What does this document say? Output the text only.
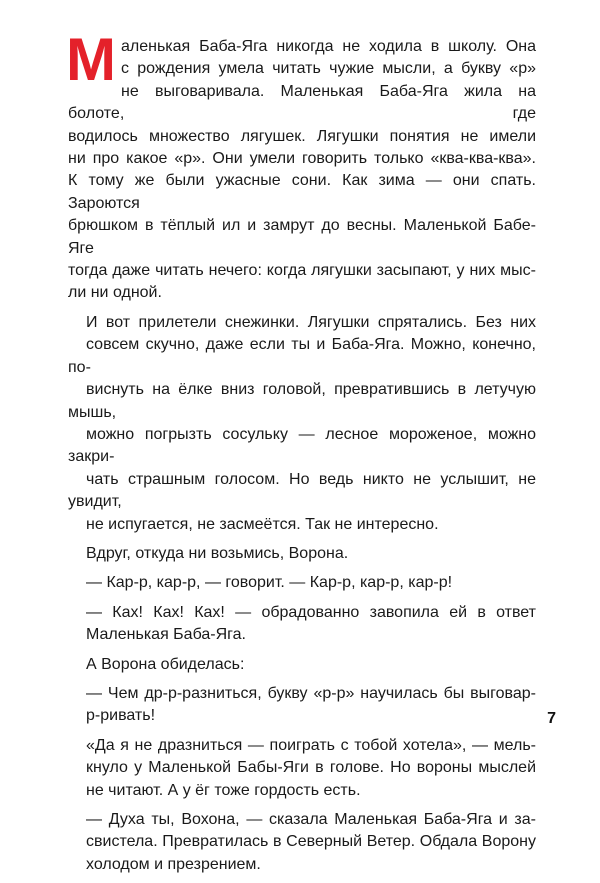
М аленькая Баба-Яга никогда не ходила в школу. Она
с рождения умела читать чужие мысли, а букву «р»
не выговаривала. Маленькая Баба-Яга жила на болоте, где
водилось множество лягушек. Лягушки понятия не имели
ни про какое «р». Они умели говорить только «ква-ква-ква».
К тому же были ужасные сони. Как зима — они спать. Зароются
брюшком в тёплый ил и замрут до весны. Маленькой Бабе-Яге
тогда даже читать нечего: когда лягушки засыпают, у них мыс-
ли ни одной.
И вот прилетели снежинки. Лягушки спрятались. Без них
совсем скучно, даже если ты и Баба-Яга. Можно, конечно, по-
виснуть на ёлке вниз головой, превратившись в летучую мышь,
можно погрызть сосульку — лесное мороженое, можно закри-
чать страшным голосом. Но ведь никто не услышит, не увидит,
не испугается, не засмеётся. Так не интересно.
Вдруг, откуда ни возьмись, Ворона.
— Кар-р, кар-р, — говорит. — Кар-р, кар-р, кар-р!
— Ках! Ках! Ках! — обрадованно завопила ей в ответ
Маленькая Баба-Яга.
А Ворона обиделась:
— Чем др-р-разниться, букву «р-р» научилась бы выговар-
р-ривать!
«Да я не дразниться — поиграть с тобой хотела», — мель-
кнуло у Маленькой Бабы-Яги в голове. Но вороны мыслей
не читают. А у ёг тоже гордость есть.
— Духа ты, Вохона, — сказала Маленькая Баба-Яга и за-
свистела. Превратилась в Северный Ветер. Обдала Ворону
холодом и презрением.
7
